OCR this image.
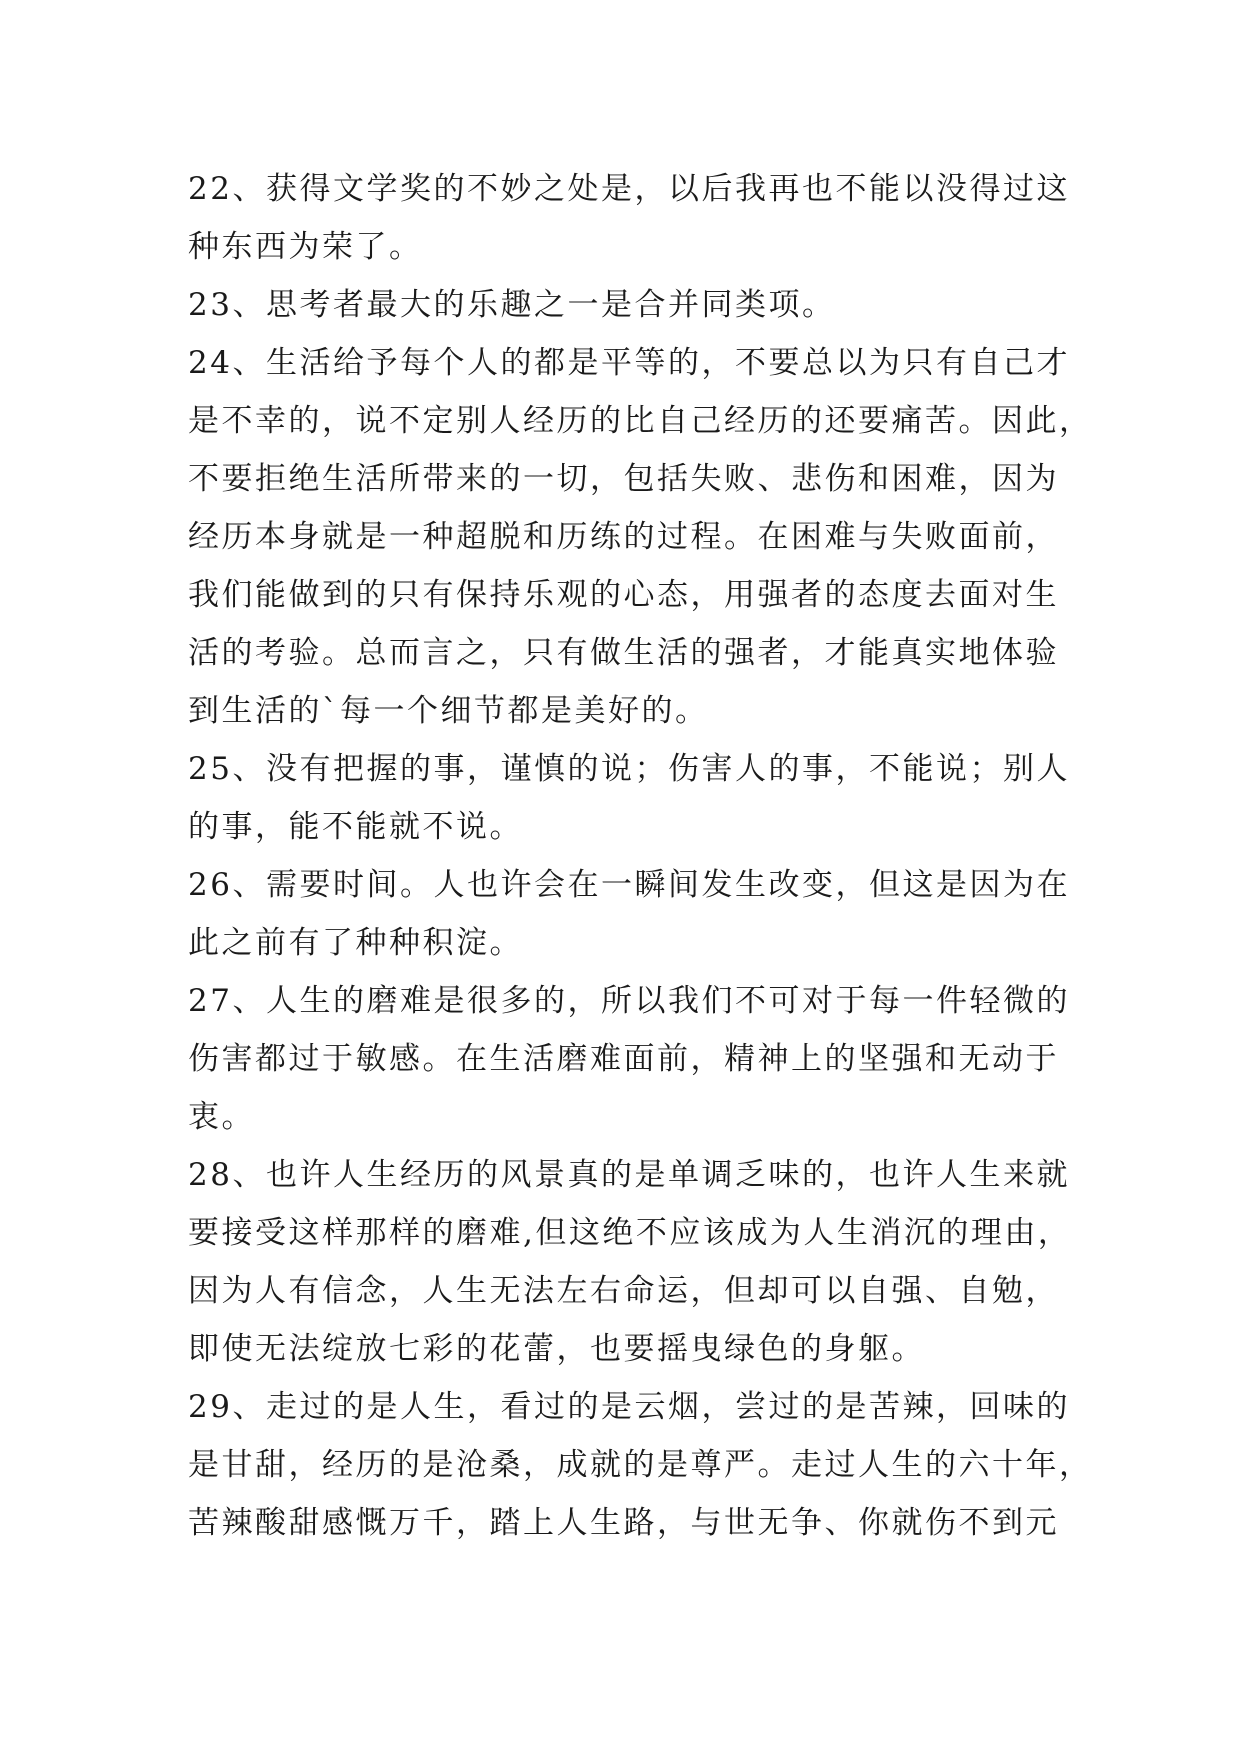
22、获得文学奖的不妙之处是，以后我再也不能以没得过这
种东西为荣了。
23、思考者最大的乐趣之一是合并同类项。
24、生活给予每个人的都是平等的，不要总以为只有自己才
是不幸的，说不定别人经历的比自己经历的还要痛苦。因此，
不要拒绝生活所带来的一切，包括失败、悲伤和困难，因为
经历本身就是一种超脱和历练的过程。在困难与失败面前，
我们能做到的只有保持乐观的心态，用强者的态度去面对生
活的考验。总而言之，只有做生活的强者，才能真实地体验
到生活的`每一个细节都是美好的。
25、没有把握的事，谨慎的说；伤害人的事，不能说；别人
的事，能不能就不说。
26、需要时间。人也许会在一瞬间发生改变，但这是因为在
此之前有了种种积淀。
27、人生的磨难是很多的，所以我们不可对于每一件轻微的
伤害都过于敏感。在生活磨难面前，精神上的坚强和无动于
衷。
28、也许人生经历的风景真的是单调乏味的，也许人生来就
要接受这样那样的磨难,但这绝不应该成为人生消沉的理由，
因为人有信念，人生无法左右命运，但却可以自强、自勉，
即使无法绽放七彩的花蕾，也要摇曳绿色的身躯。
29、走过的是人生，看过的是云烟，尝过的是苦辣，回味的
是甘甜，经历的是沧桑，成就的是尊严。走过人生的六十年，
苦辣酸甜感慨万千，踏上人生路，与世无争、你就伤不到元
